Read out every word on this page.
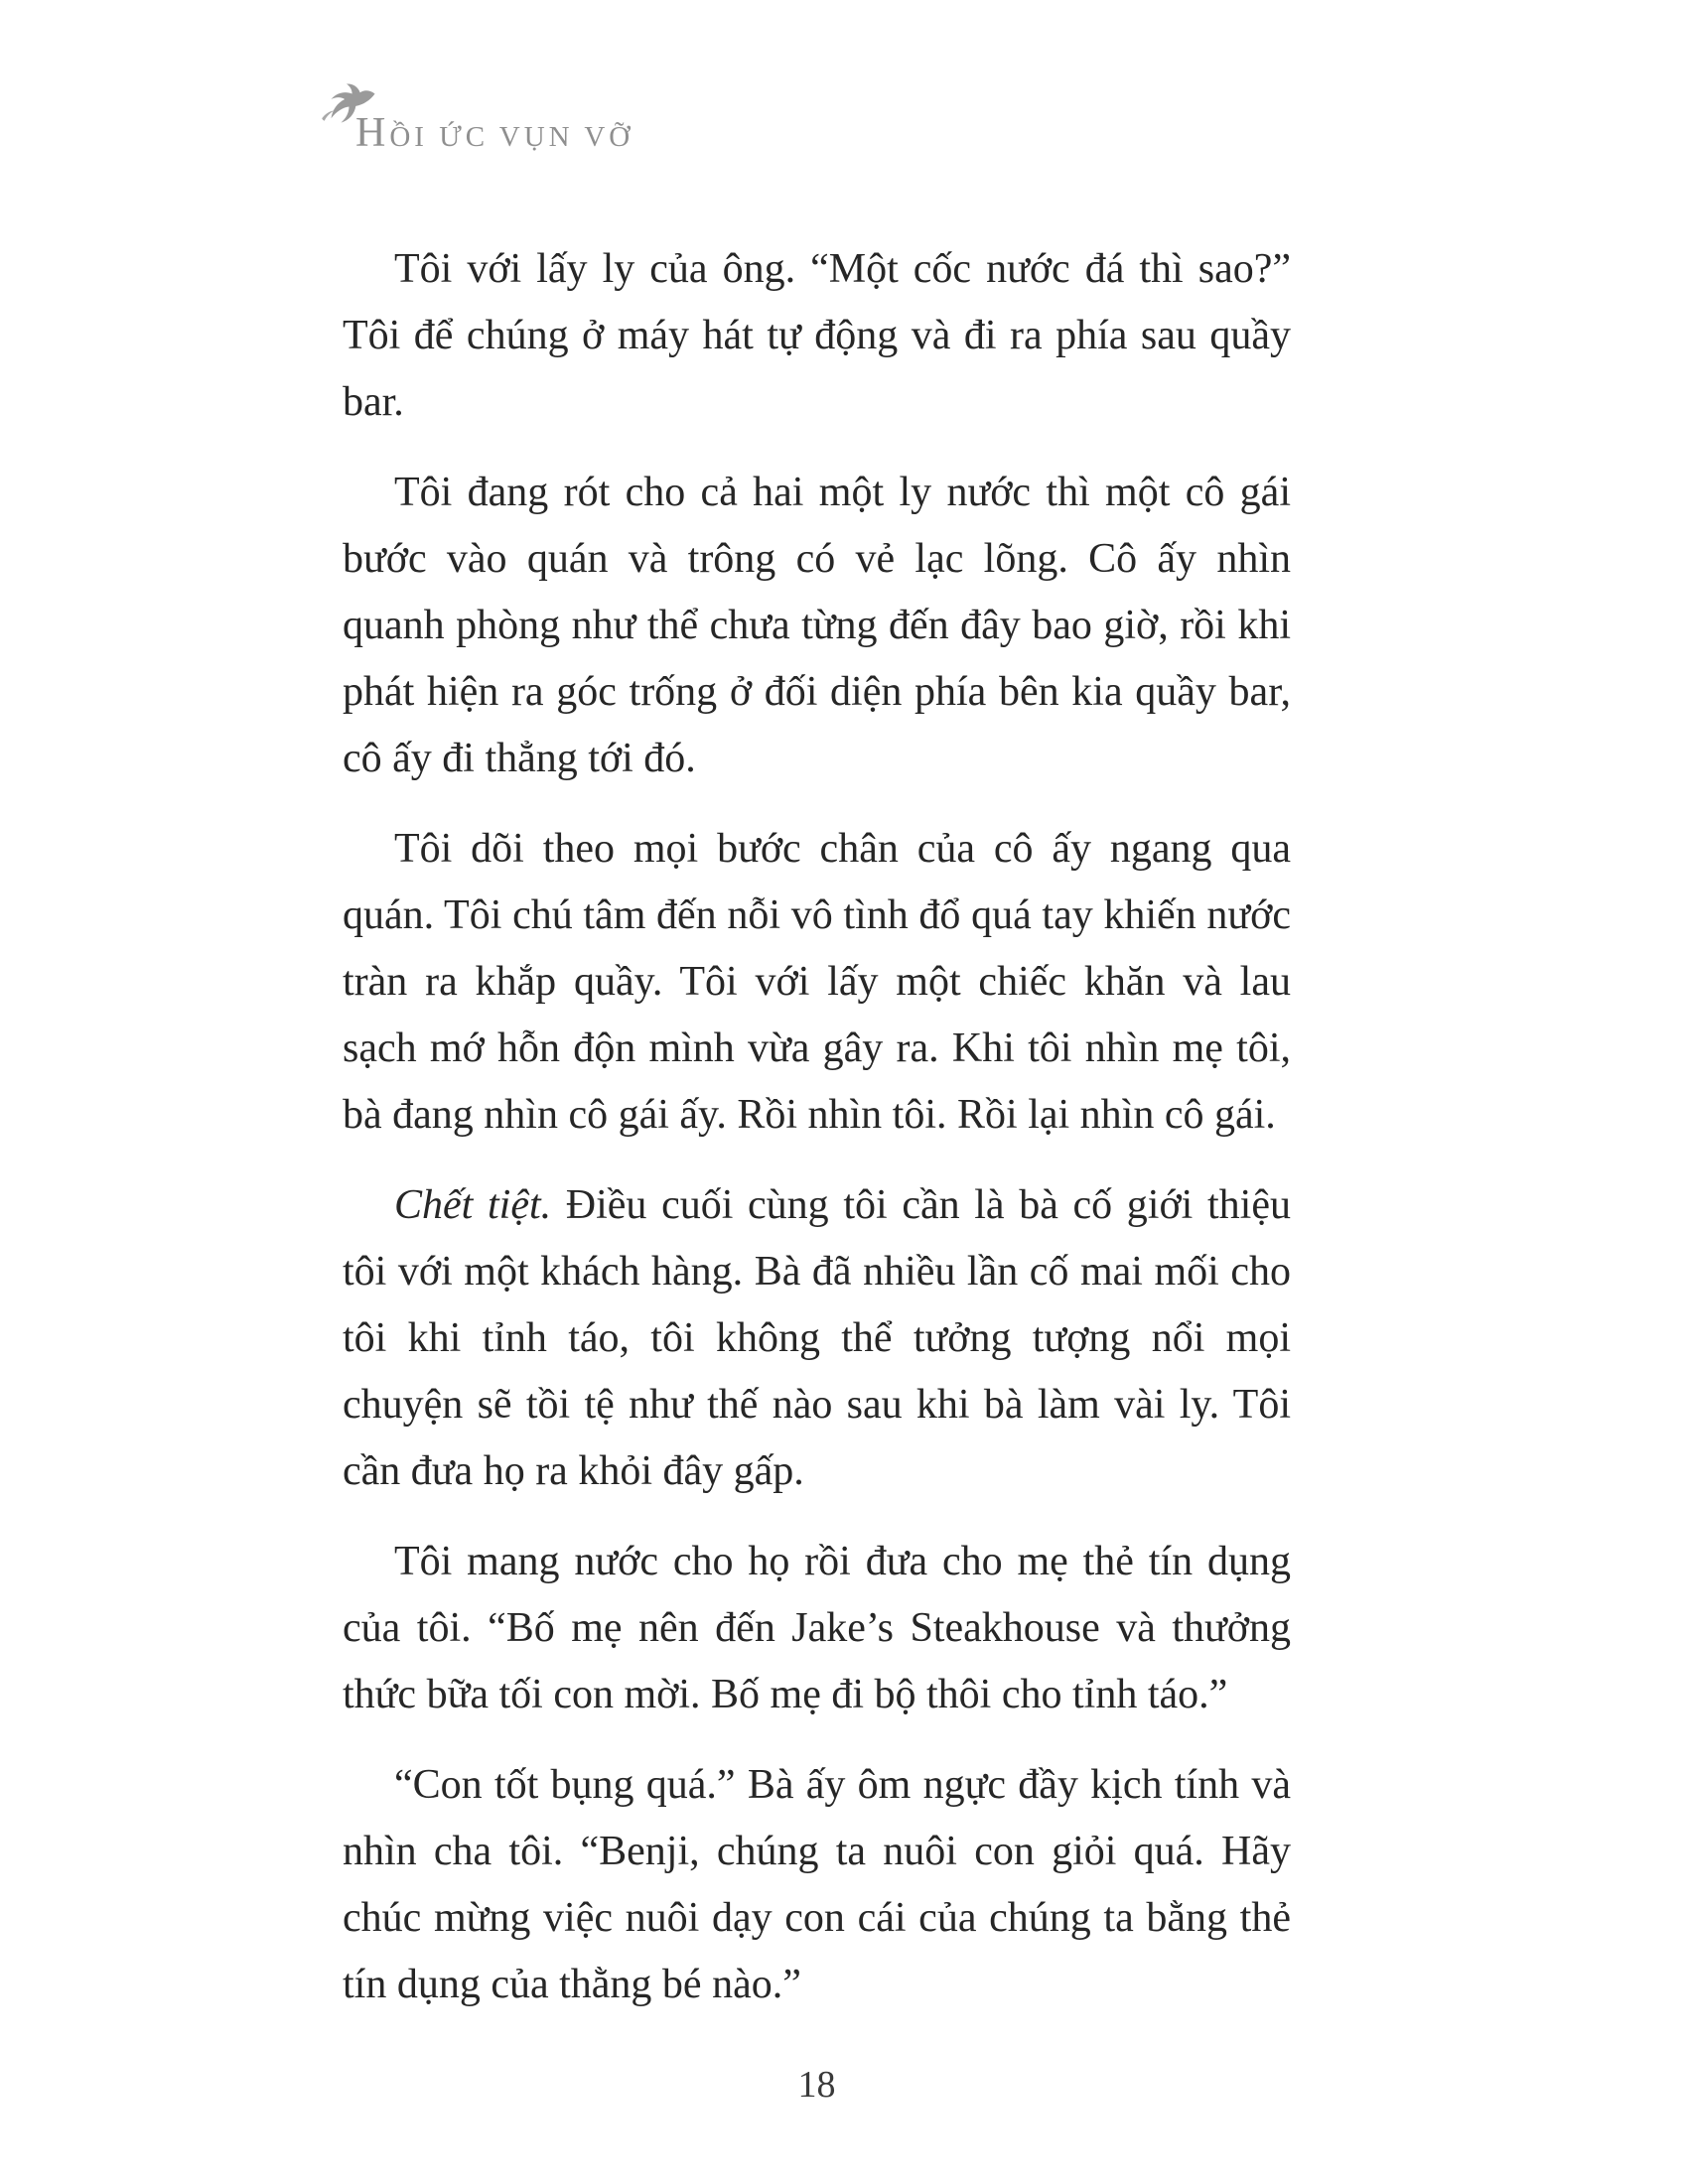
HỒI ỨC VỤN VỠ

Tôi với lấy ly của ông. “Một cốc nước đá thì sao?” Tôi để chúng ở máy hát tự động và đi ra phía sau quầy bar.

Tôi đang rót cho cả hai một ly nước thì một cô gái bước vào quán và trông có vẻ lạc lõng. Cô ấy nhìn quanh phòng như thể chưa từng đến đây bao giờ, rồi khi phát hiện ra góc trống ở đối diện phía bên kia quầy bar, cô ấy đi thẳng tới đó.

Tôi dõi theo mọi bước chân của cô ấy ngang qua quán. Tôi chú tâm đến nỗi vô tình đổ quá tay khiến nước tràn ra khắp quầy. Tôi với lấy một chiếc khăn và lau sạch mớ hỗn độn mình vừa gây ra. Khi tôi nhìn mẹ tôi, bà đang nhìn cô gái ấy. Rồi nhìn tôi. Rồi lại nhìn cô gái.

Chết tiệt. Điều cuối cùng tôi cần là bà cố giới thiệu tôi với một khách hàng. Bà đã nhiều lần cố mai mối cho tôi khi tỉnh táo, tôi không thể tưởng tượng nổi mọi chuyện sẽ tồi tệ như thế nào sau khi bà làm vài ly. Tôi cần đưa họ ra khỏi đây gấp.

Tôi mang nước cho họ rồi đưa cho mẹ thẻ tín dụng của tôi. “Bố mẹ nên đến Jake’s Steakhouse và thưởng thức bữa tối con mời. Bố mẹ đi bộ thôi cho tỉnh táo.”

“Con tốt bụng quá.” Bà ấy ôm ngực đầy kịch tính và nhìn cha tôi. “Benji, chúng ta nuôi con giỏi quá. Hãy chúc mừng việc nuôi dạy con cái của chúng ta bằng thẻ tín dụng của thằng bé nào.”

18
